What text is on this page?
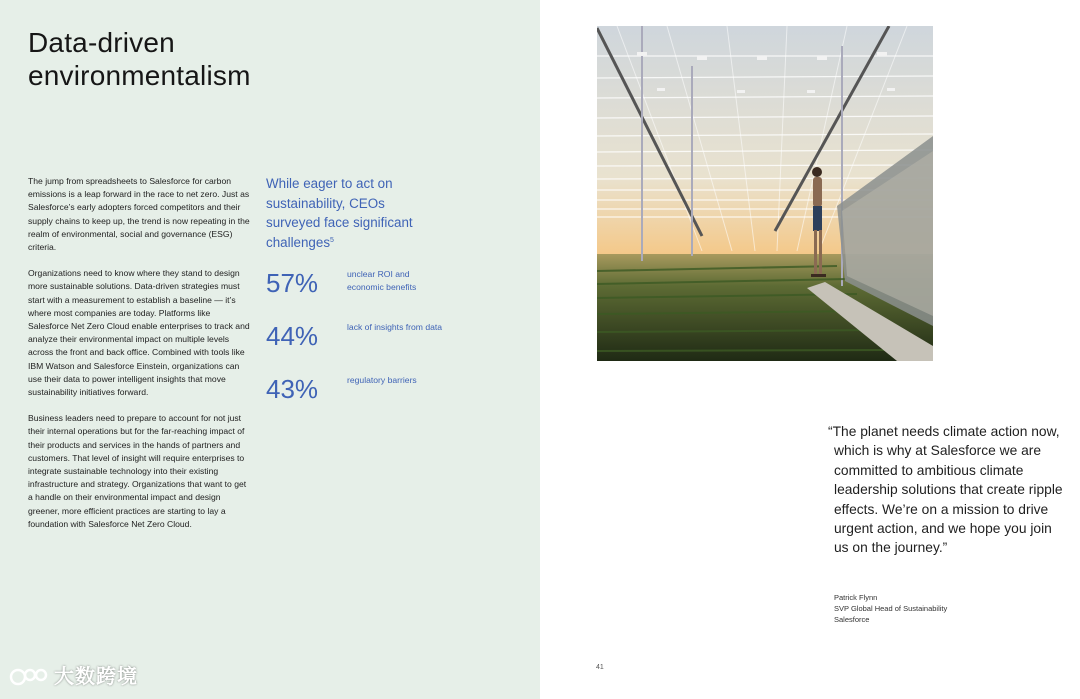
Data-driven
environmentalism

The jump from spreadsheets to Salesforce for carbon emissions is a leap forward in the race to net zero. Just as Salesforce’s early adopters forced competitors and their supply chains to keep up, the trend is now repeating in the realm of environmental, social and governance (ESG) criteria.

Organizations need to know where they stand to design more sustainable solutions. Data-driven strategies must start with a measurement to establish a baseline — it’s where most companies are today. Platforms like Salesforce Net Zero Cloud enable enterprises to track and analyze their environmental impact on multiple levels across the front and back office. Combined with tools like IBM Watson and Salesforce Einstein, organizations can use their data to power intelligent insights that move sustainability initiatives forward.

Business leaders need to prepare to account for not just their internal operations but for the far-reaching impact of their products and services in the hands of partners and customers. That level of insight will require enterprises to integrate sustainable technology into their existing infrastructure and strategy. Organizations that want to get a handle on their environmental impact and design greener, more efficient practices are starting to lay a foundation with Salesforce Net Zero Cloud.

While eager to act on sustainability, CEOs surveyed face significant challenges$^5$
57%	unclear ROI and economic benefits
44%	lack of insights from data
43%	regulatory barriers
大数跨境
“The planet needs climate action now, which is why at Salesforce we are committed to ambitious climate leadership solutions that create ripple effects. We’re on a mission to drive urgent action, and we hope you join us on the journey.”
Patrick Flynn
SVP Global Head of Sustainability
Salesforce
41
